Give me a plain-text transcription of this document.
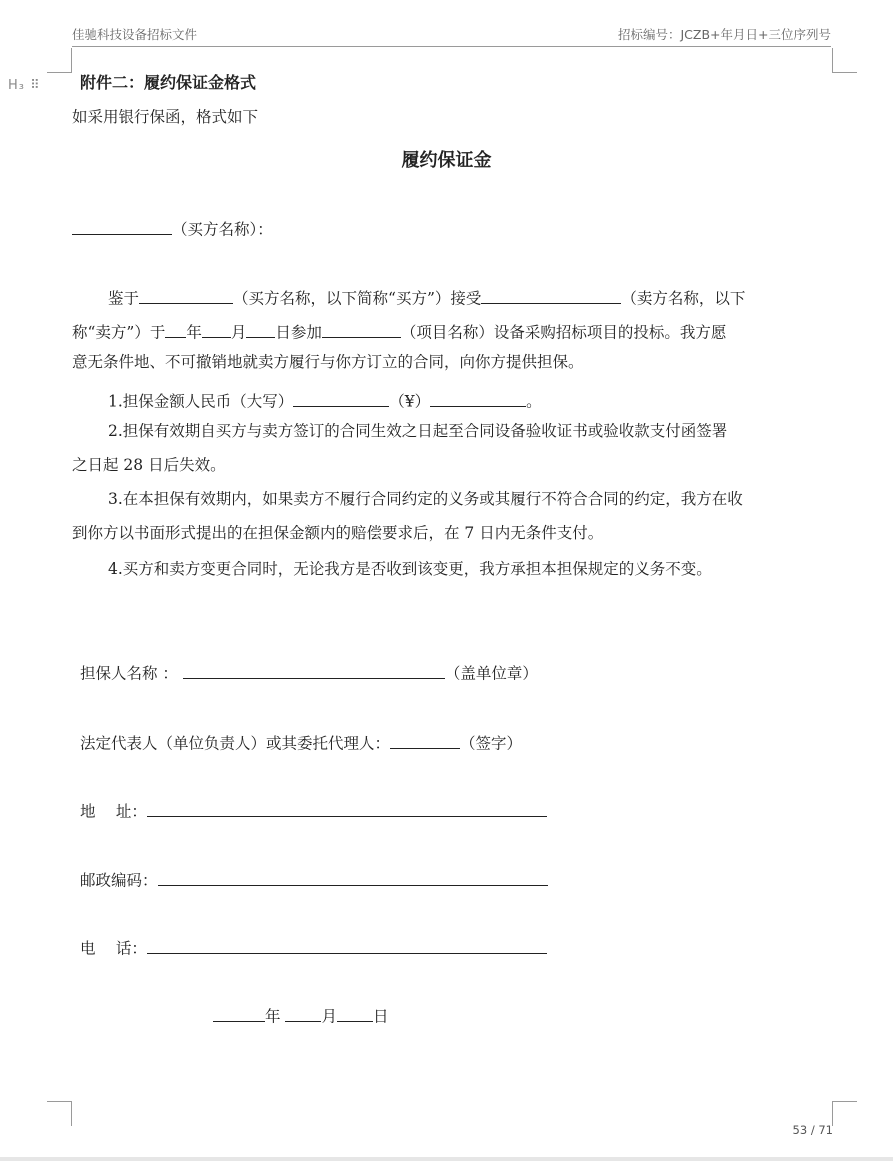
佳驰科技设备招标文件	招标编号：JCZB+年月日+三位序列号
H₃ ⠿ 附件二：履约保证金格式
如采用银行保函，格式如下
履约保证金
（买方名称）：
鉴于	（买方名称，以下简称“买方”）接受	（卖方名称，以下
称“卖方”）于 年 月 日参加	（项目名称）设备采购招标项目的投标。我方愿
意无条件地、不可撤销地就卖方履行与你方订立的合同，向你方提供担保。
1.担保金额人民币（大写）	（¥）	。
2.担保有效期自买方与卖方签订的合同生效之日起至合同设备验收证书或验收款支付函签署
之日起 28 日后失效。
3.在本担保有效期内，如果卖方不履行合同约定的义务或其履行不符合合同的约定，我方在收
到你方以书面形式提出的在担保金额内的赔偿要求后，在 7 日内无条件支付。
4.买方和卖方变更合同时，无论我方是否收到该变更，我方承担本担保规定的义务不变。
担保人名称 ：	（盖单位章）
法定代表人（单位负责人）或其委托代理人：	（签字）
地　 址：
邮政编码：
电　 话：
年	月 日
53 / 71
